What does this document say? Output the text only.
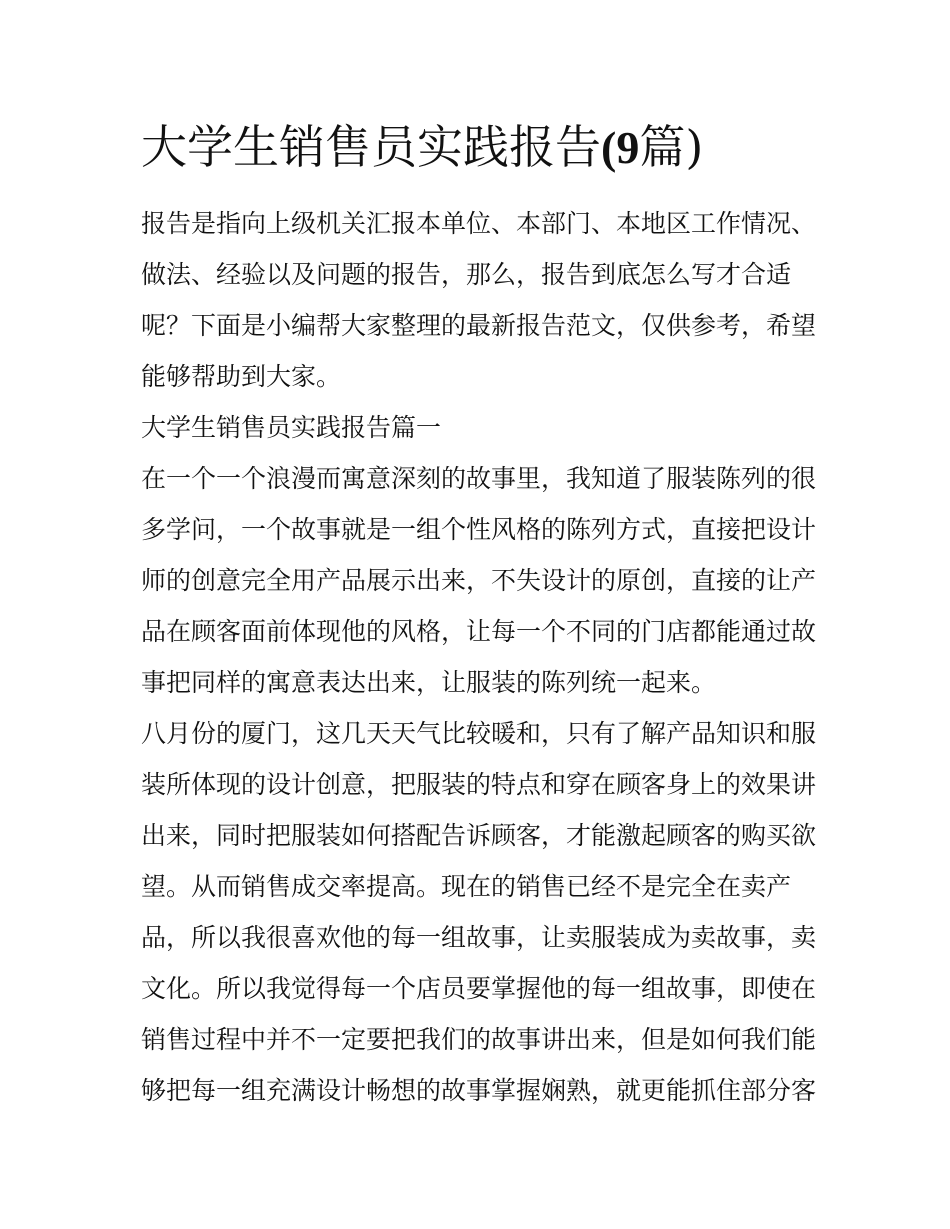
大学生销售员实践报告(9篇)
报告是指向上级机关汇报本单位、本部门、本地区工作情况、
做法、经验以及问题的报告，那么，报告到底怎么写才合适
呢？下面是小编帮大家整理的最新报告范文，仅供参考，希望
能够帮助到大家。
大学生销售员实践报告篇一
在一个一个浪漫而寓意深刻的故事里，我知道了服装陈列的很
多学问，一个故事就是一组个性风格的陈列方式，直接把设计
师的创意完全用产品展示出来，不失设计的原创，直接的让产
品在顾客面前体现他的风格，让每一个不同的门店都能通过故
事把同样的寓意表达出来，让服装的陈列统一起来。
八月份的厦门，这几天天气比较暖和，只有了解产品知识和服
装所体现的设计创意，把服装的特点和穿在顾客身上的效果讲
出来，同时把服装如何搭配告诉顾客，才能激起顾客的购买欲
望。从而销售成交率提高。现在的销售已经不是完全在卖产
品，所以我很喜欢他的每一组故事，让卖服装成为卖故事，卖
文化。所以我觉得每一个店员要掌握他的每一组故事，即使在
销售过程中并不一定要把我们的故事讲出来，但是如何我们能
够把每一组充满设计畅想的故事掌握娴熟，就更能抓住部分客
